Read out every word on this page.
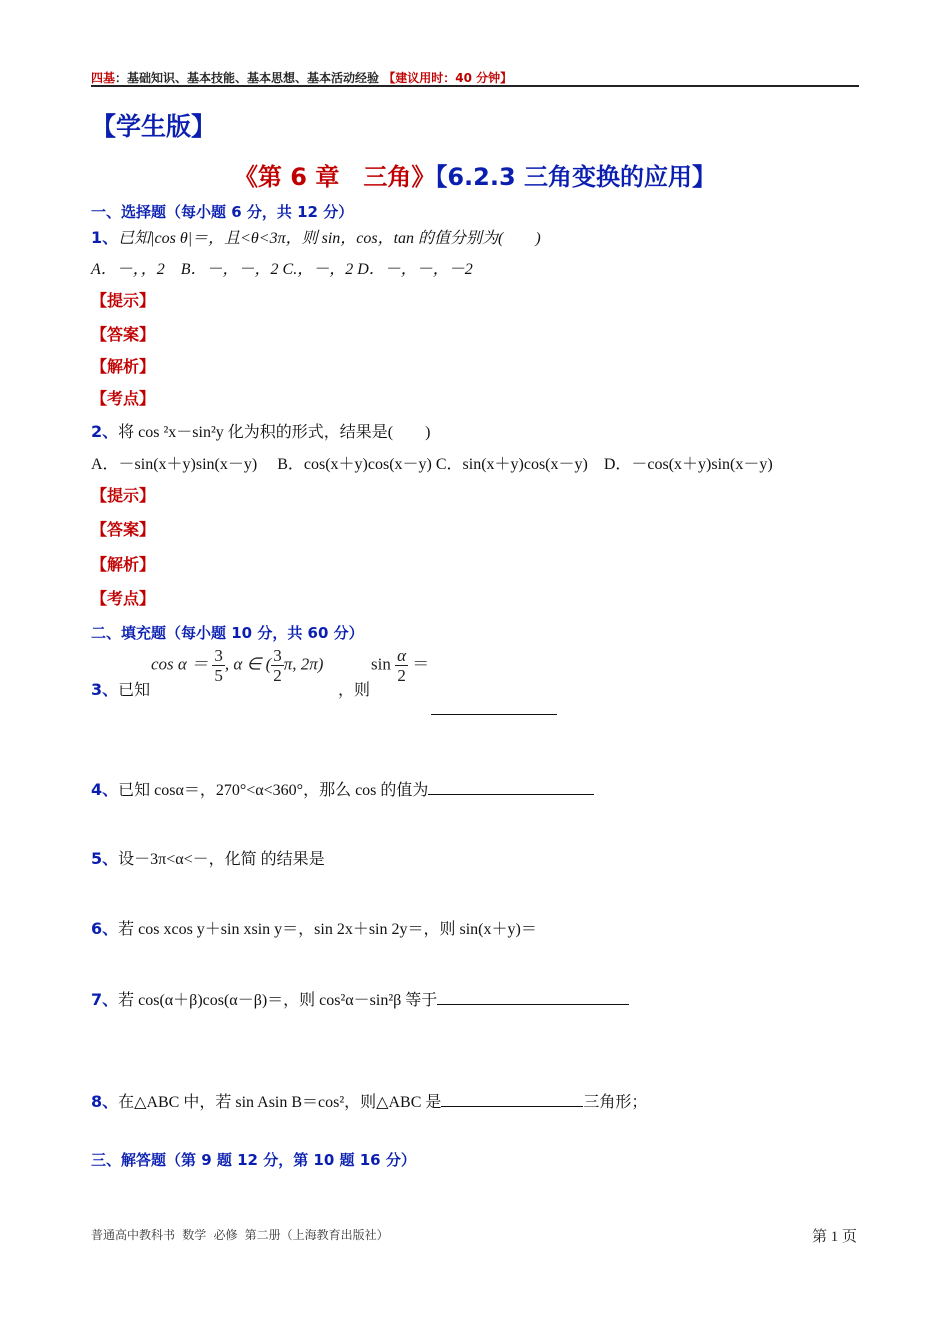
四基：基础知识、基本技能、基本思想、基本活动经验 【建议用时：40 分钟】
【学生版】
《第 6 章　三角》【6.2.3 三角变换的应用】
一、选择题（每小题 6 分，共 12 分）
1、已知|cos θ|＝，且<θ<3π，则 sin，cos，tan 的值分别为(　　)
A．－，，2　B．－，－，2 C.，－，2 D．－，－，－2
【提示】
【答案】
【解析】
【考点】
2、将 cos ²x－sin²y 化为积的形式，结果是(　　)
A．－sin(x＋y)sin(x－y)　 B．cos(x＋y)cos(x－y) C．sin(x＋y)cos(x－y)　D．－cos(x＋y)sin(x－y)
【提示】
【答案】
【解析】
【考点】
二、填充题（每小题 10 分，共 60 分）
3、已知
$\cos \alpha = \frac{3}{5}$ , α ∈ ( $\frac{3}{2} \pi$, 2π)
，则
$\sin \frac{\alpha}{2}$ ＝
4、已知 cosα＝，270°<α<360°，那么 cos 的值为
5、设－3π<α<－，化简 的结果是
6、若 cos xcos y＋sin xsin y＝，sin 2x＋sin 2y＝，则 sin(x＋y)＝
7、若 cos(α＋β)cos(α－β)＝，则 cos²α－sin²β 等于
8、在△ABC 中，若 sin Asin B＝cos²，则△ABC 是	三角形；
三、解答题（第 9 题 12 分，第 10 题 16 分）
普通高中教科书 数学 必修 第二册（上海教育出版社）	第 1 页
